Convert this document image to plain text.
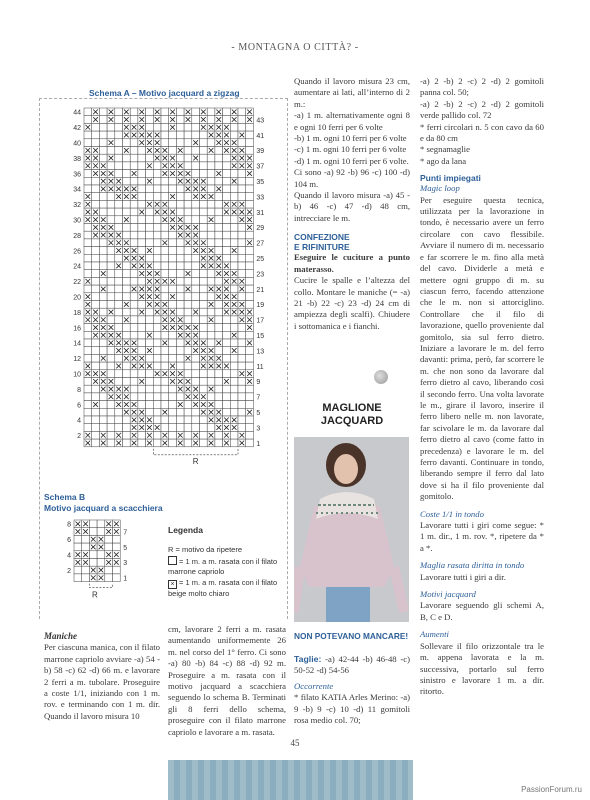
- MONTAGNA O CITTÀ? -
Schema A – Motivo jacquard a zigzag
44
42
40
38
36
34
32
30
28
26
24
22
20
18
16
14
12
10
8
6
4
2
43
41
39
37
35
33
31
29
27
25
23
21
19
17
15
13
11
9
7
5
3
1
R
Schema B
Motivo jacquard a scacchiera
8
6
4
2
7
5
3
1
R
Legenda

R = motivo da ripetere

= 1 m. a m. rasata con il filato marrone capriolo

× = 1 m. a m. rasata con il filato beige molto chiaro

Maniche

Per ciascuna manica, con il filato marrone capriolo avviare -a) 54 -b) 58 -c) 62 -d) 66 m. e lavorare 2 ferri a m. tubolare. Proseguire a coste 1/1, iniziando con 1 m. rov. e terminando con 1 m. dir. Quando il lavoro misura 10

cm, lavorare 2 ferri a m. rasata aumentando uniformemente 26 m. nel corso del 1° ferro. Ci sono -a) 80 -b) 84 -c) 88 -d) 92 m. Proseguire a m. rasata con il motivo jacquard a scacchiera seguendo lo schema B. Terminati gli 8 ferri dello schema, proseguire con il filato marrone capriolo e lavorare a m. rasata.

Quando il lavoro misura 23 cm, aumentare ai lati, all’interno di 2 m.:

-a) 1 m. alternativamente ogni 8 e ogni 10 ferri per 6 volte

-b) 1 m. ogni 10 ferri per 6 volte

-c) 1 m. ogni 10 ferri per 6 volte

-d) 1 m. ogni 10 ferri per 6 volte.

Ci sono -a) 92 -b) 96 -c) 100 -d) 104 m.

Quando il lavoro misura -a) 45 -b) 46 -c) 47 -d) 48 cm, intrecciare le m.

CONFEZIONE
E RIFINITURE

Eseguire le cuciture a punto materasso.

Cucire le spalle e l’altezza del collo. Montare le maniche (= -a) 21 -b) 22 -c) 23 -d) 24 cm di ampiezza degli scalfi). Chiudere i sottomanica e i fianchi.

MAGLIONE
JACQUARD
NON POTEVANO MANCARE!

Taglie: -a) 42-44 -b) 46-48 -c) 50-52 -d) 54-56

Occorrente

* filato KATIA Arles Merino: -a) 9 -b) 9 -c) 10 -d) 11 gomitoli rosa medio col. 70;

-a) 2 -b) 2 -c) 2 -d) 2 gomitoli panna col. 50;

-a) 2 -b) 2 -c) 2 -d) 2 gomitoli verde pallido col. 72

* ferri circolari n. 5 con cavo da 60 e da 80 cm

* segnamaglie

* ago da lana

Punti impiegati

Magic loop

Per eseguire questa tecnica, utilizzata per la lavorazione in tondo, è necessario avere un ferro circolare con cavo flessibile. Avviare il numero di m. necessario e far scorrere le m. fino alla metà del cavo. Dividerle a metà e mettere ogni gruppo di m. su ciascun ferro, facendo attenzione che le m. non si attorciglino. Controllare che il filo di lavorazione, quello proveniente dal gomitolo, sia sul ferro dietro. Iniziare a lavorare le m. del ferro davanti: prima, però, far scorrere le m. che non sono da lavorare dal ferro dietro al cavo, liberando così il secondo ferro. Una volta lavorate le m., girare il lavoro, inserire il ferro libero nelle m. non lavorate, far scivolare le m. da lavorare dal ferro dietro al cavo (come fatto in precedenza) e lavorare le m. del ferro davanti. Continuare in tondo, liberando sempre il ferro dal lato dove si ha il filo proveniente dal gomitolo.

Coste 1/1 in tondo

Lavorare tutti i giri come segue: * 1 m. dir., 1 m. rov. *, ripetere da * a *.

Maglia rasata diritta in tondo

Lavorare tutti i giri a dir.

Motivi jacquard

Lavorare seguendo gli schemi A, B, C e D.

Aumenti

Sollevare il filo orizzontale tra le m. appena lavorata e la m. successiva, portarlo sul ferro sinistro e lavorare 1 m. a dir. ritorto.

45
PassionForum.ru
